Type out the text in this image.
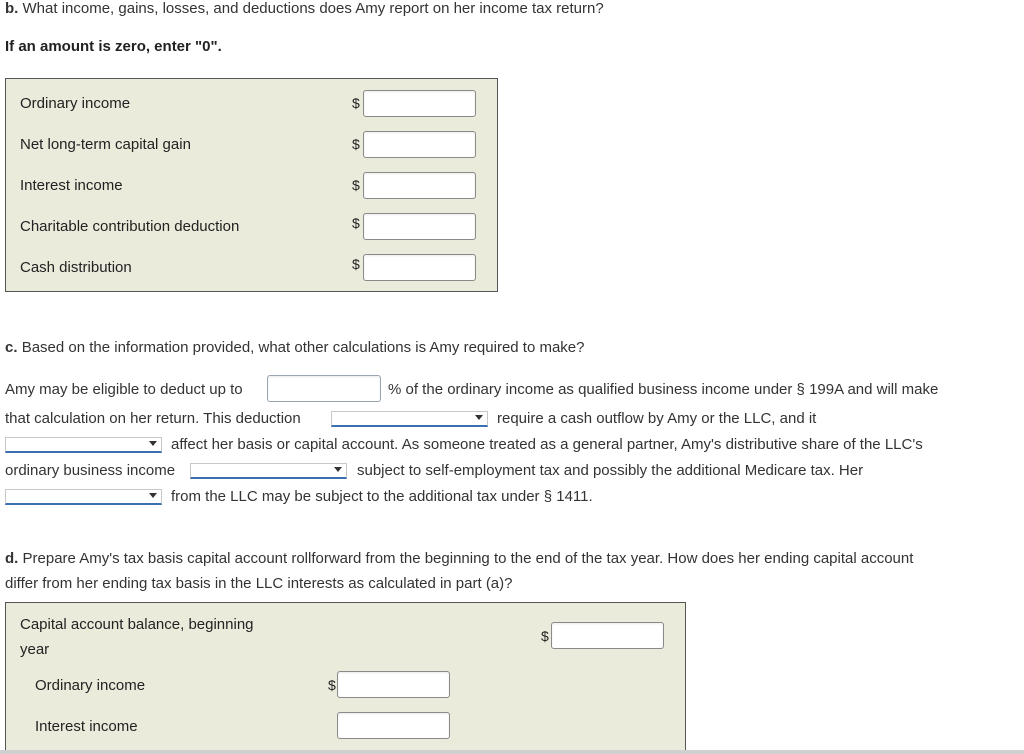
b. What income, gains, losses, and deductions does Amy report on her income tax return?
If an amount is zero, enter "0".
Ordinary income	$
Net long-term capital gain	$
Interest income	$
Charitable contribution deduction	$
Cash distribution	$
c. Based on the information provided, what other calculations is Amy required to make?
Amy may be eligible to deduct up to	% of the ordinary income as qualified business income under § 199A and will make
that calculation on her return. This deduction	require a cash outflow by Amy or the LLC, and it
affect her basis or capital account. As someone treated as a general partner, Amy's distributive share of the LLC's
ordinary business income	subject to self-employment tax and possibly the additional Medicare tax. Her
from the LLC may be subject to the additional tax under § 1411.
d. Prepare Amy's tax basis capital account rollforward from the beginning to the end of the tax year. How does her ending capital account
differ from her ending tax basis in the LLC interests as calculated in part (a)?
Capital account balance, beginning
year
$
Ordinary income	$
Interest income
